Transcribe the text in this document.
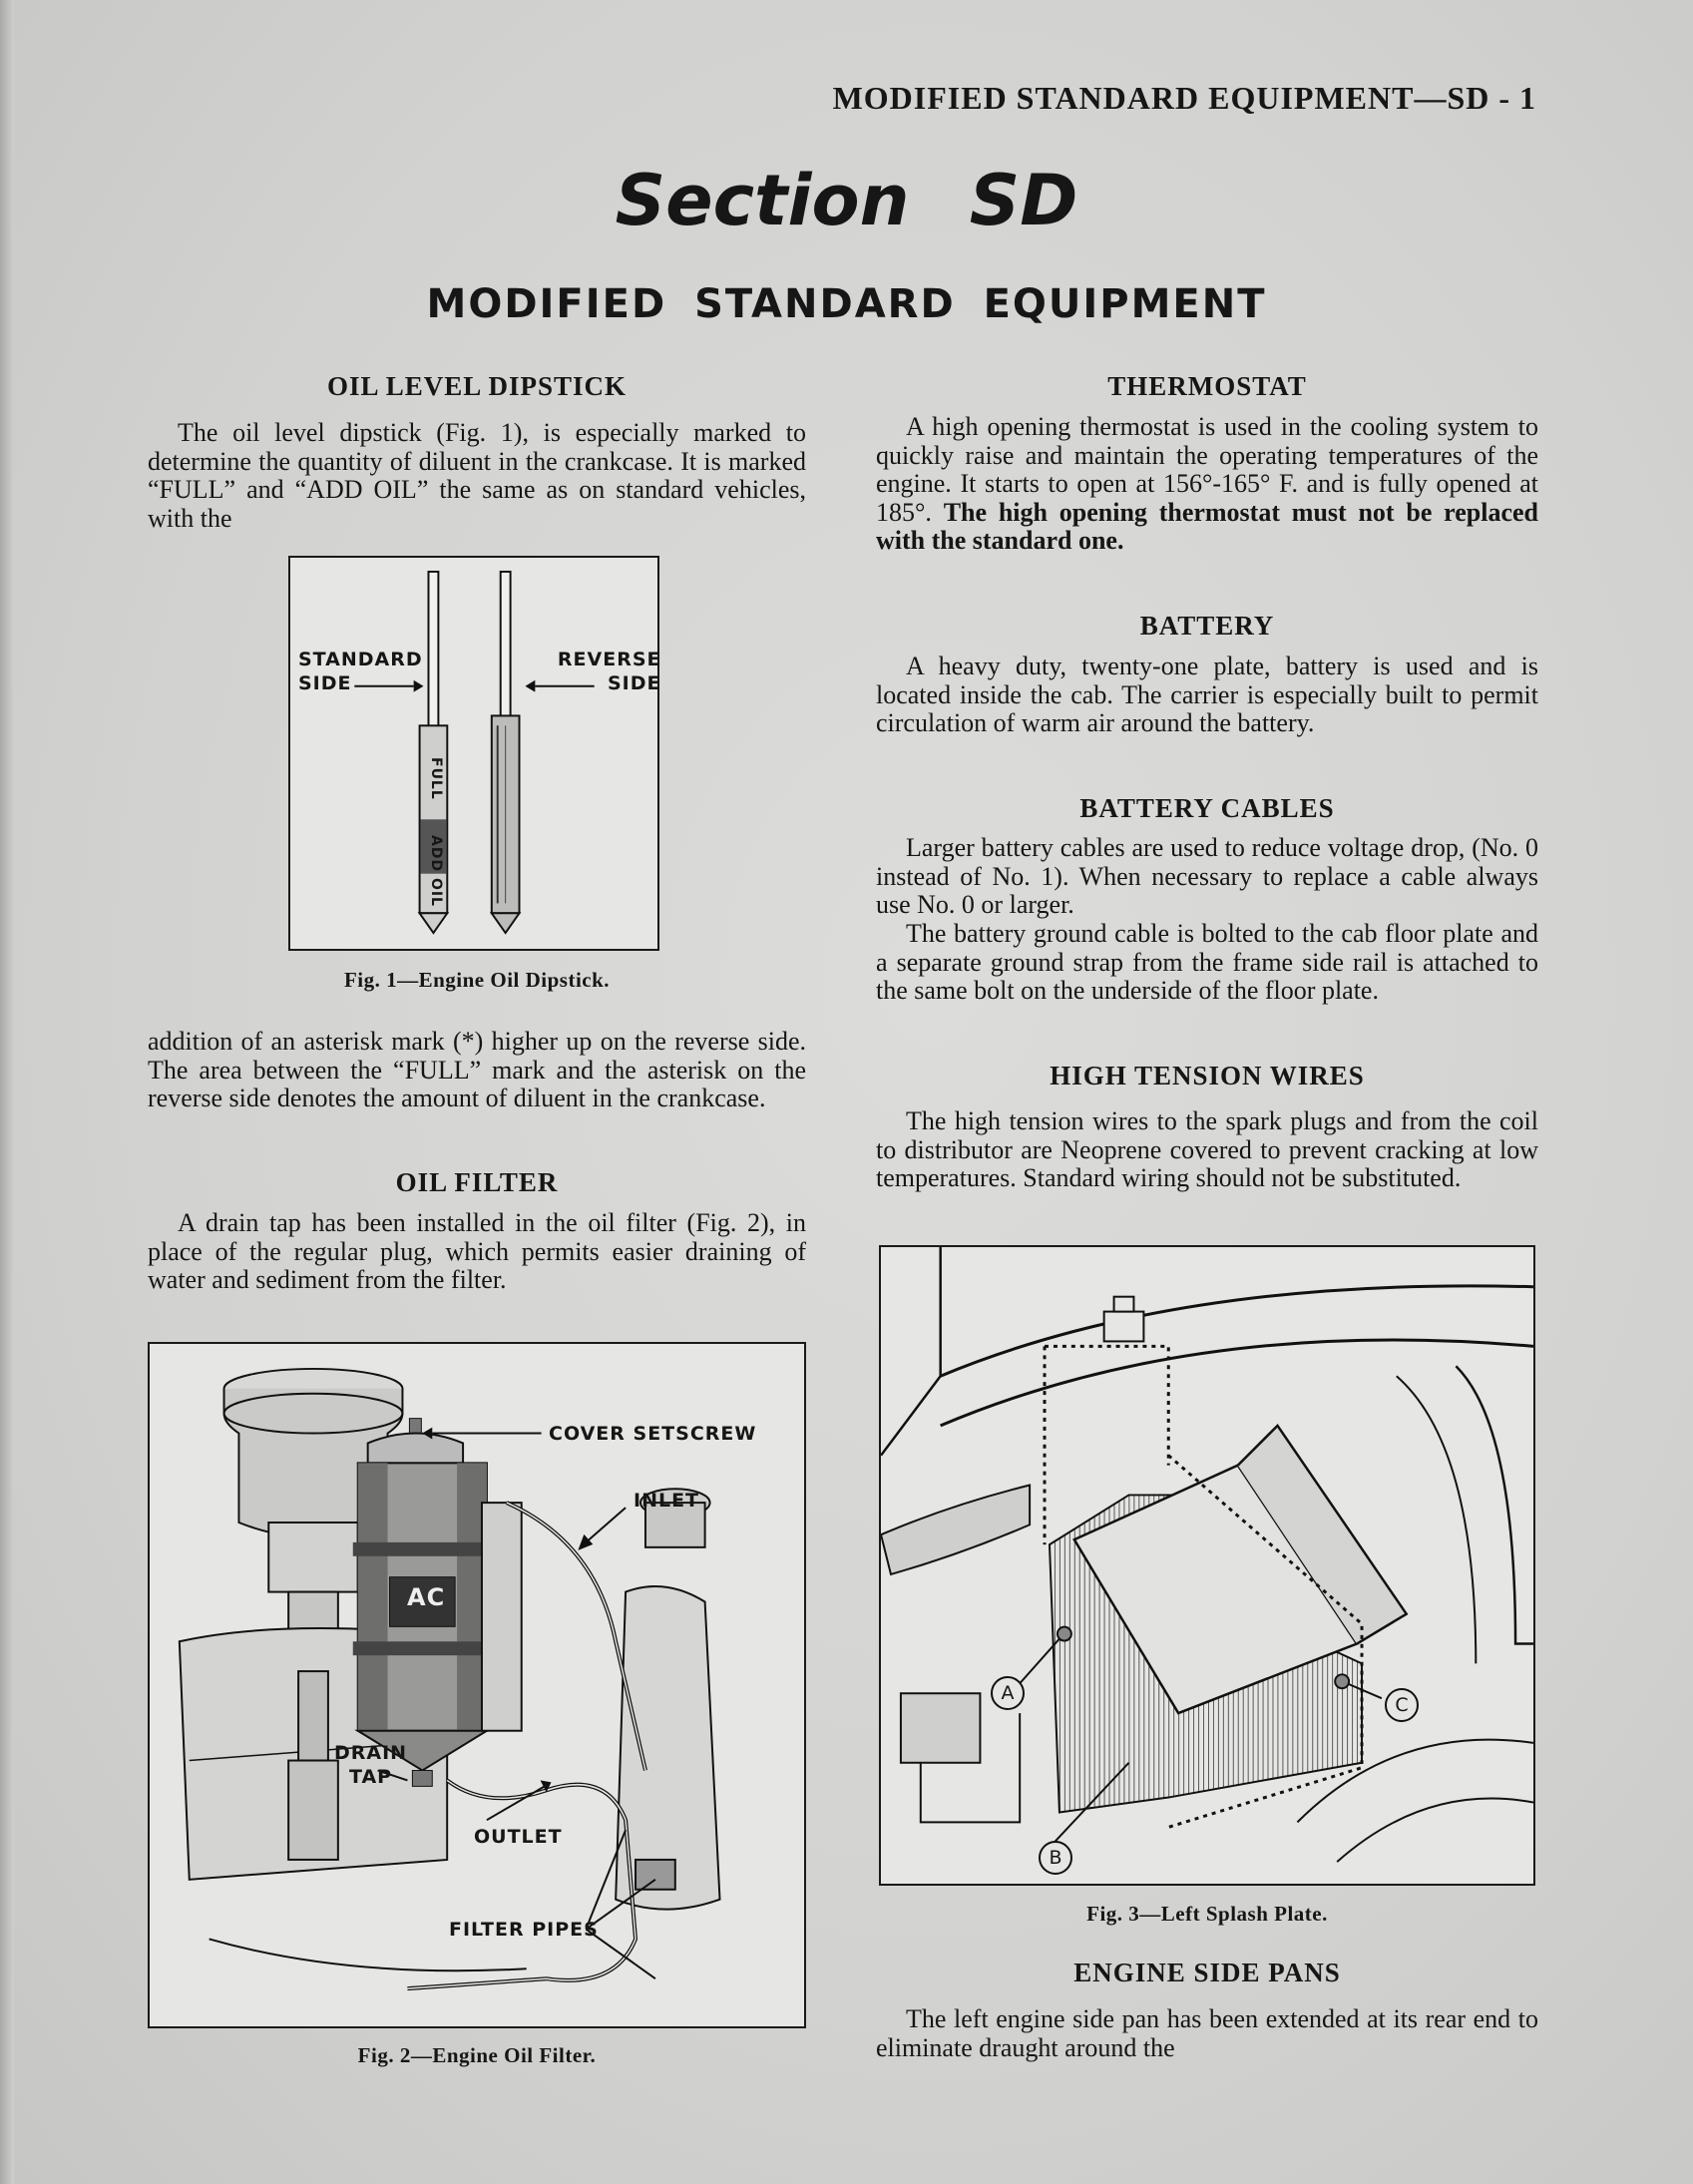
MODIFIED STANDARD EQUIPMENT—SD - 1
Section SD
MODIFIED STANDARD EQUIPMENT
OIL LEVEL DIPSTICK

The oil level dipstick (Fig. 1), is especially marked to determine the quantity of diluent in the crankcase. It is marked “FULL” and “ADD OIL” the same as on standard vehicles, with the

STANDARD
SIDE
REVERSE
SIDE
FULL
ADD OIL
Fig. 1—Engine Oil Dipstick.

addition of an asterisk mark (*) higher up on the reverse side. The area between the “FULL” mark and the asterisk on the reverse side denotes the amount of diluent in the crankcase.

OIL FILTER

A drain tap has been installed in the oil filter (Fig. 2), in place of the regular plug, which permits easier draining of water and sediment from the filter.

COVER SETSCREW
INLET
AC
DRAIN
TAP
OUTLET
FILTER PIPES
Fig. 2—Engine Oil Filter.
THERMOSTAT

A high opening thermostat is used in the cooling system to quickly raise and maintain the operating temperatures of the engine. It starts to open at 156°-165° F. and is fully opened at 185°. The high opening thermostat must not be replaced with the standard one.

BATTERY

A heavy duty, twenty-one plate, battery is used and is located inside the cab. The carrier is especially built to permit circulation of warm air around the battery.

BATTERY CABLES

Larger battery cables are used to reduce voltage drop, (No. 0 instead of No. 1). When necessary to replace a cable always use No. 0 or larger.

The battery ground cable is bolted to the cab floor plate and a separate ground strap from the frame side rail is attached to the same bolt on the underside of the floor plate.

HIGH TENSION WIRES

The high tension wires to the spark plugs and from the coil to distributor are Neoprene covered to prevent cracking at low temperatures. Standard wiring should not be substituted.

A
B
C
Fig. 3—Left Splash Plate.
ENGINE SIDE PANS

The left engine side pan has been extended at its rear end to eliminate draught around the
